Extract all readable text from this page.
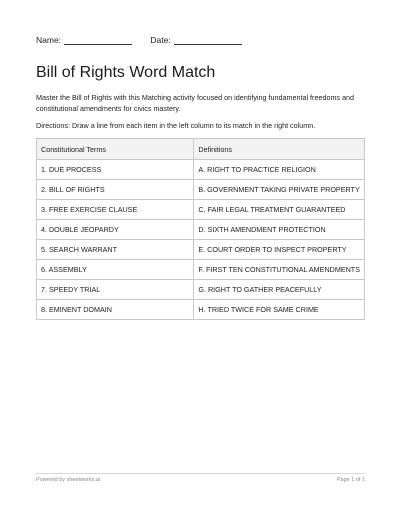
Name:	Date:
Bill of Rights Word Match

Master the Bill of Rights with this Matching activity focused on identifying fundamental freedoms and constitutional amendments for civics mastery.

Directions: Draw a line from each item in the left column to its match in the right column.

Constitutional Terms	Definitions
1. DUE PROCESS	A. RIGHT TO PRACTICE RELIGION
2. BILL OF RIGHTS	B. GOVERNMENT TAKING PRIVATE PROPERTY
3. FREE EXERCISE CLAUSE	C. FAIR LEGAL TREATMENT GUARANTEED
4. DOUBLE JEOPARDY	D. SIXTH AMENDMENT PROTECTION
5. SEARCH WARRANT	E. COURT ORDER TO INSPECT PROPERTY
6. ASSEMBLY	F. FIRST TEN CONSTITUTIONAL AMENDMENTS
7. SPEEDY TRIAL	G. RIGHT TO GATHER PEACEFULLY
8. EMINENT DOMAIN	H. TRIED TWICE FOR SAME CRIME
Powered by sheetworks.ai	Page 1 of 1
